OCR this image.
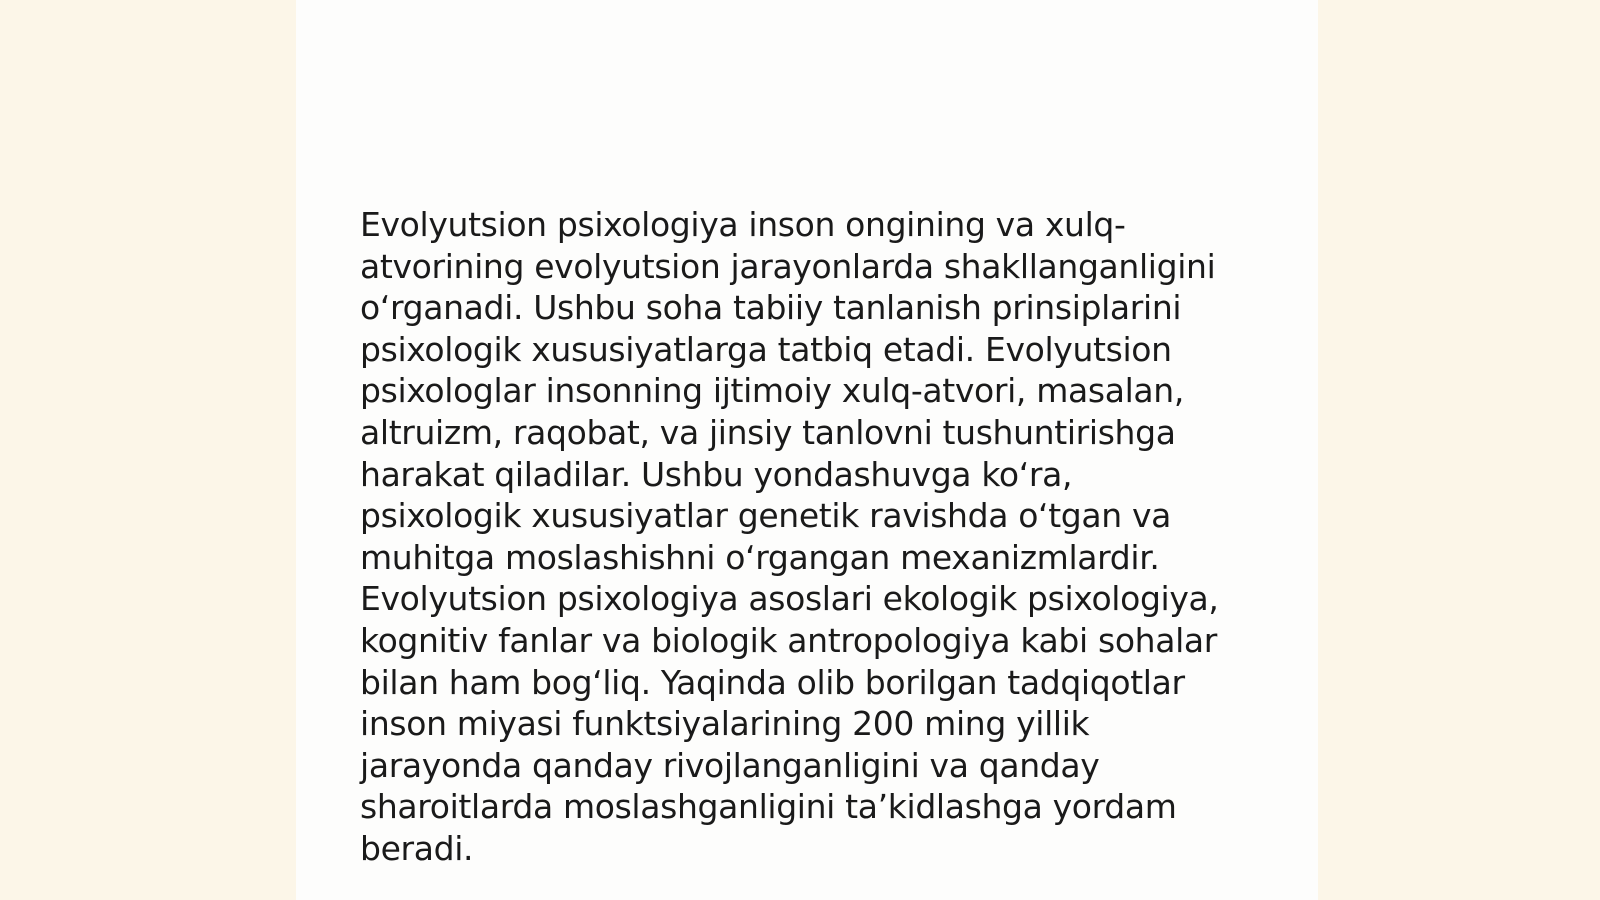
Evolyutsion psixologiya inson ongining va xulq-
atvorining evolyutsion jarayonlarda shakllanganligini
o‘rganadi. Ushbu soha tabiiy tanlanish prinsiplarini
psixologik xususiyatlarga tatbiq etadi. Evolyutsion
psixologlar insonning ijtimoiy xulq-atvori, masalan,
altruizm, raqobat, va jinsiy tanlovni tushuntirishga
harakat qiladilar. Ushbu yondashuvga ko‘ra,
psixologik xususiyatlar genetik ravishda o‘tgan va
muhitga moslashishni o‘rgangan mexanizmlardir.
Evolyutsion psixologiya asoslari ekologik psixologiya,
kognitiv fanlar va biologik antropologiya kabi sohalar
bilan ham bog‘liq. Yaqinda olib borilgan tadqiqotlar
inson miyasi funktsiyalarining 200 ming yillik
jarayonda qanday rivojlanganligini va qanday
sharoitlarda moslashganligini ta’kidlashga yordam
beradi.
